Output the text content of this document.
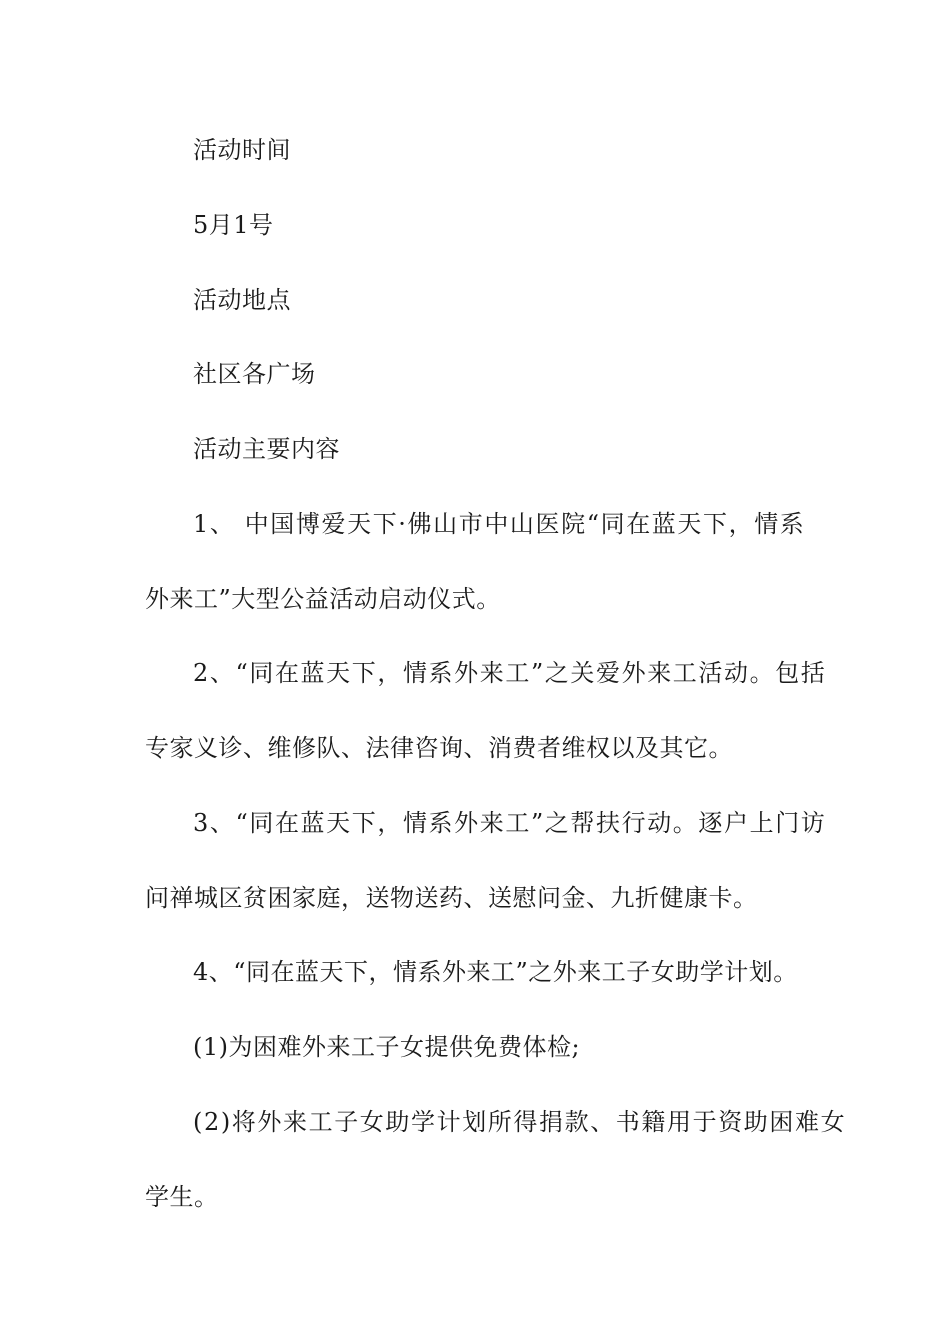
活动时间
5月1号
活动地点
社区各广场
活动主要内容
1、 中国博爱天下·佛山市中山医院“同在蓝天下，情系
外来工”大型公益活动启动仪式。
2、“同在蓝天下，情系外来工”之关爱外来工活动。包括
专家义诊、维修队、法律咨询、消费者维权以及其它。
3、“同在蓝天下，情系外来工”之帮扶行动。逐户上门访
问禅城区贫困家庭，送物送药、送慰问金、九折健康卡。
4、“同在蓝天下，情系外来工”之外来工子女助学计划。
(1)为困难外来工子女提供免费体检;
(2)将外来工子女助学计划所得捐款、书籍用于资助困难女
学生。
